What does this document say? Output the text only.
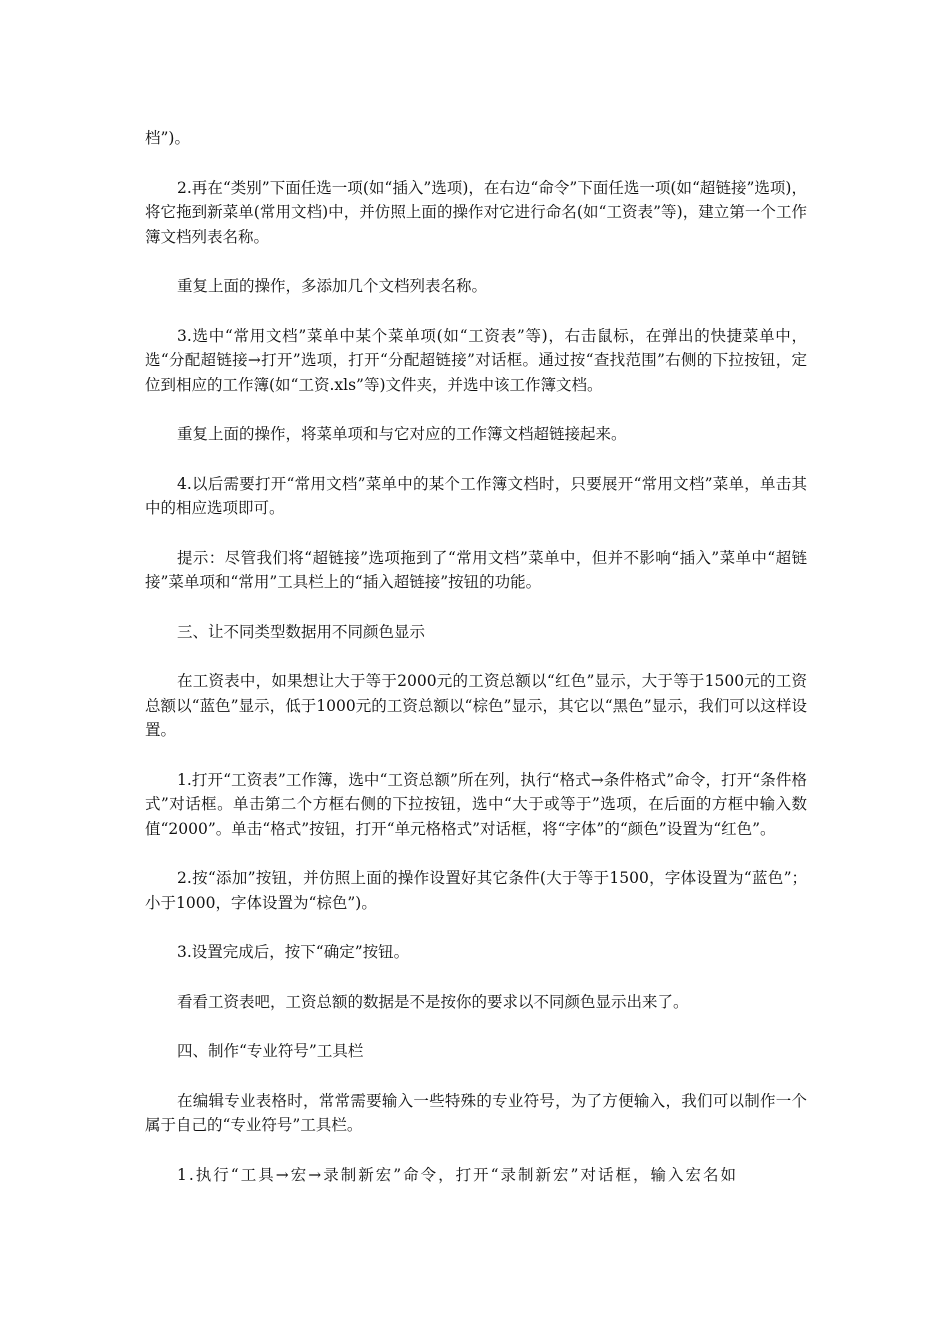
档”)。

2.再在“类别”下面任选一项(如“插入”选项)，在右边“命令”下面任选一项(如“超链接”选项)，将它拖到新菜单(常用文档)中，并仿照上面的操作对它进行命名(如“工资表”等)，建立第一个工作簿文档列表名称。

重复上面的操作，多添加几个文档列表名称。

3.选中“常用文档”菜单中某个菜单项(如“工资表”等)，右击鼠标，在弹出的快捷菜单中，选“分配超链接→打开”选项，打开“分配超链接”对话框。通过按“查找范围”右侧的下拉按钮，定位到相应的工作簿(如“工资.xls”等)文件夹，并选中该工作簿文档。

重复上面的操作，将菜单项和与它对应的工作簿文档超链接起来。

4.以后需要打开“常用文档”菜单中的某个工作簿文档时，只要展开“常用文档”菜单，单击其中的相应选项即可。

提示：尽管我们将“超链接”选项拖到了“常用文档”菜单中，但并不影响“插入”菜单中“超链接”菜单项和“常用”工具栏上的“插入超链接”按钮的功能。

三、让不同类型数据用不同颜色显示

在工资表中，如果想让大于等于2000元的工资总额以“红色”显示，大于等于1500元的工资总额以“蓝色”显示，低于1000元的工资总额以“棕色”显示，其它以“黑色”显示，我们可以这样设置。

1.打开“工资表”工作簿，选中“工资总额”所在列，执行“格式→条件格式”命令，打开“条件格式”对话框。单击第二个方框右侧的下拉按钮，选中“大于或等于”选项，在后面的方框中输入数值“2000”。单击“格式”按钮，打开“单元格格式”对话框，将“字体”的“颜色”设置为“红色”。

2.按“添加”按钮，并仿照上面的操作设置好其它条件(大于等于1500，字体设置为“蓝色”；小于1000，字体设置为“棕色”)。

3.设置完成后，按下“确定”按钮。

看看工资表吧，工资总额的数据是不是按你的要求以不同颜色显示出来了。

四、制作“专业符号”工具栏

在编辑专业表格时，常常需要输入一些特殊的专业符号，为了方便输入，我们可以制作一个属于自己的“专业符号”工具栏。

1.执行“工具→宏→录制新宏”命令，打开“录制新宏”对话框，输入宏名如
